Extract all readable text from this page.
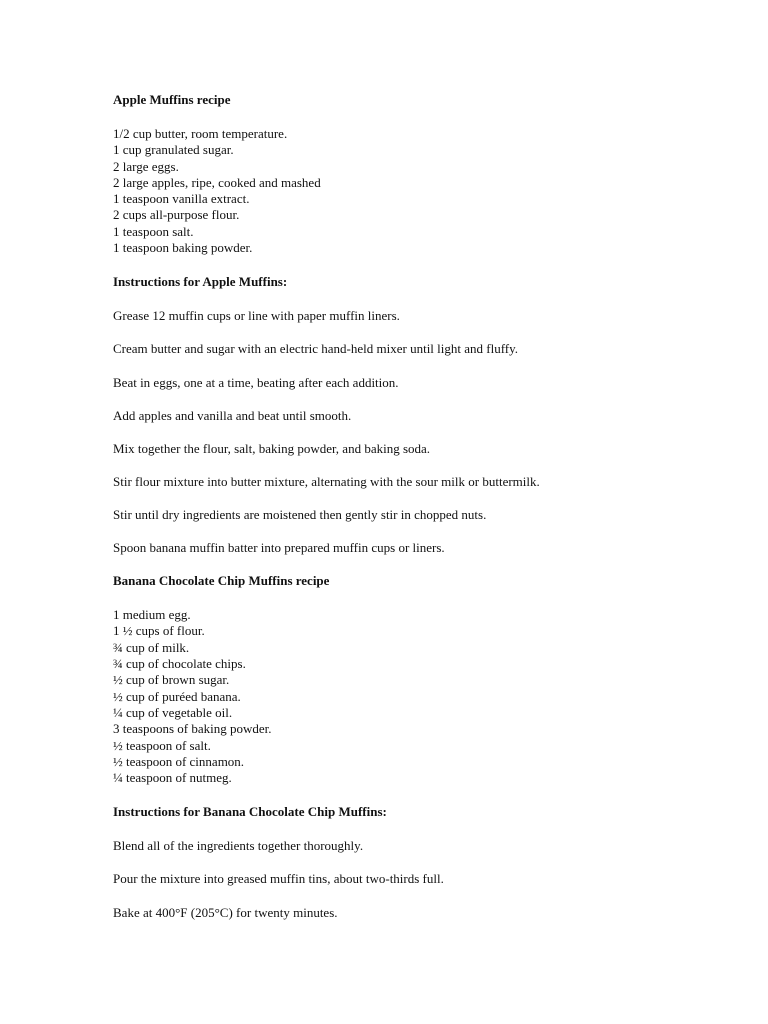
Apple Muffins recipe
1/2 cup butter, room temperature.
1 cup granulated sugar.
2 large eggs.
2 large apples, ripe, cooked and mashed
1 teaspoon vanilla extract.
2 cups all-purpose flour.
1 teaspoon salt.
1 teaspoon baking powder.
Instructions for Apple Muffins:

Grease 12 muffin cups or line with paper muffin liners.

Cream butter and sugar with an electric hand-held mixer until light and fluffy.

Beat in eggs, one at a time, beating after each addition.

Add apples and vanilla and beat until smooth.

Mix together the flour, salt, baking powder, and baking soda.

Stir flour mixture into butter mixture, alternating with the sour milk or buttermilk.

Stir until dry ingredients are moistened then gently stir in chopped nuts.

Spoon banana muffin batter into prepared muffin cups or liners.

Banana Chocolate Chip Muffins recipe
1 medium egg.
1 ½ cups of flour.
¾ cup of milk.
¾ cup of chocolate chips.
½ cup of brown sugar.
½ cup of puréed banana.
¼ cup of vegetable oil.
3 teaspoons of baking powder.
½ teaspoon of salt.
½ teaspoon of cinnamon.
¼ teaspoon of nutmeg.
Instructions for Banana Chocolate Chip Muffins:

Blend all of the ingredients together thoroughly.

Pour the mixture into greased muffin tins, about two-thirds full.

Bake at 400°F (205°C) for twenty minutes.
